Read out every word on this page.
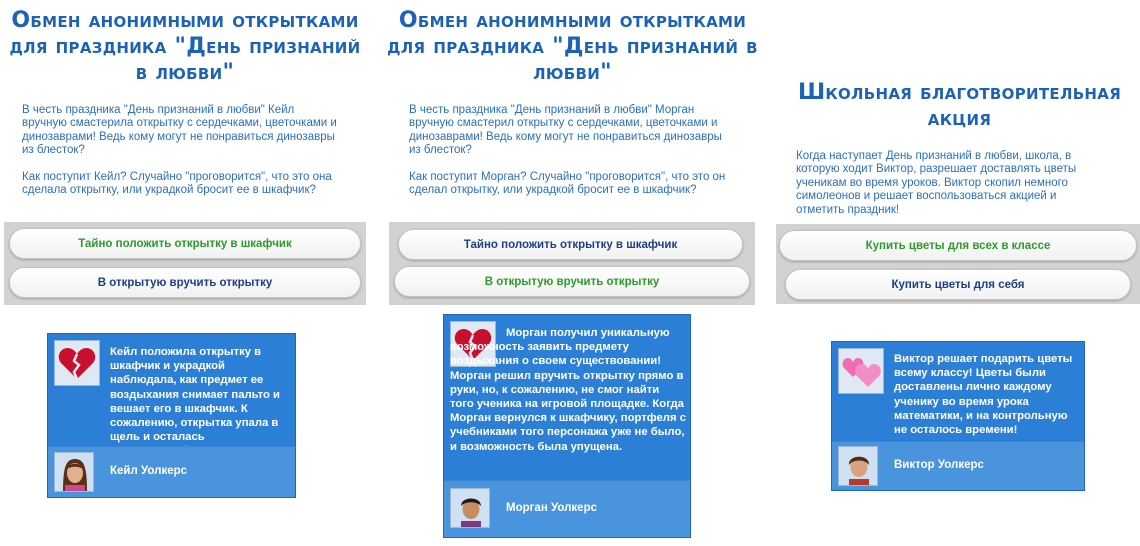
Обмен анонимными открытками для праздника "День признаний в любви"

В честь праздника "День признаний в любви" Кейл вручную смастерила открытку с сердечками, цветочками и динозаврами! Ведь кому могут не понравиться динозавры из блесток?

Как поступит Кейл? Случайно "проговорится", что это она сделала открытку, или украдкой бросит ее в шкафчик?

Тайно положить открытку в шкафчик
В открытую вручить открытку
Кейл положила открытку в шкафчик и украдкой наблюдала, как предмет ее воздыхания снимает пальто и вешает его в шкафчик. К сожалению, открытка упала в щель и осталась
Кейл Уолкерс
Обмен анонимными открытками для праздника "День признаний в любви"

В честь праздника "День признаний в любви" Морган вручную смастерил открытку с сердечками, цветочками и динозаврами! Ведь кому могут не понравиться динозавры из блесток?

Как поступит Морган? Случайно "проговорится", что это он сделал открытку, или украдкой бросит ее в шкафчик?

Тайно положить открытку в шкафчик
В открытую вручить открытку
Морган получил уникальную возможность заявить предмету воздыхания о своем существовании! Морган решил вручить открытку прямо в руки, но, к сожалению, не смог найти того ученика на игровой площадке. Когда Морган вернулся к шкафчику, портфеля с учебниками того персонажа уже не было, и возможность была упущена.
Морган Уолкерс
Школьная благотворительная акция

Когда наступает День признаний в любви, школа, в которую ходит Виктор, разрешает доставлять цветы ученикам во время уроков. Виктор скопил немного симолеонов и решает воспользоваться акцией и отметить праздник!

Купить цветы для всех в классе
Купить цветы для себя
Виктор решает подарить цветы всему классу! Цветы были доставлены лично каждому ученику во время урока математики, и на контрольную не осталось времени!
Виктор Уолкерс
